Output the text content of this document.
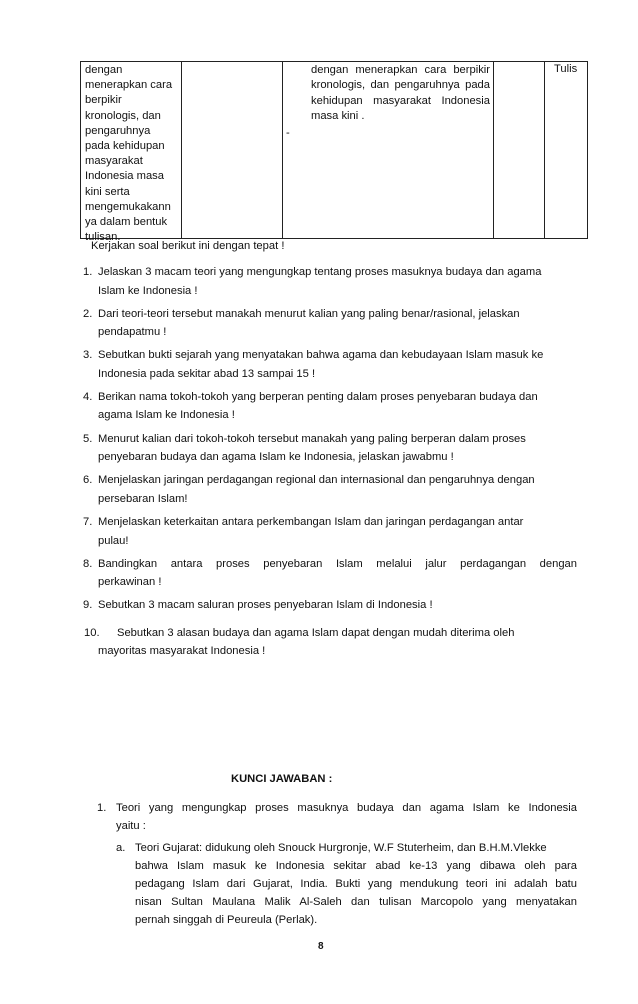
dengan
menerapkan cara
berpikir
kronologis, dan
pengaruhnya
pada kehidupan
masyarakat
Indonesia masa
kini serta
mengemukakann
ya dalam bentuk
tulisan.
-
dengan menerapkan cara berpikir kronologis, dan pengaruhnya pada kehidupan masyarakat Indonesia masa kini .
Tulis
Kerjakan soal berikut ini dengan tepat !
1. Jelaskan 3 macam teori yang mengungkap tentang proses masuknya budaya dan agama
Islam ke Indonesia !
2. Dari teori-teori tersebut manakah menurut kalian yang paling benar/rasional, jelaskan
pendapatmu !
3. Sebutkan bukti sejarah yang menyatakan bahwa agama dan kebudayaan Islam masuk ke
Indonesia pada sekitar abad 13 sampai 15 !
4. Berikan nama tokoh-tokoh yang berperan penting dalam proses penyebaran budaya dan
agama Islam ke Indonesia !
5. Menurut kalian dari tokoh-tokoh tersebut manakah yang paling berperan dalam proses
penyebaran budaya dan agama Islam ke Indonesia, jelaskan jawabmu !
6. Menjelaskan jaringan perdagangan regional dan internasional dan pengaruhnya dengan
persebaran Islam!
7. Menjelaskan keterkaitan antara perkembangan Islam dan jaringan perdagangan antar
pulau!
8. Bandingkan antara proses penyebaran Islam melalui jalur perdagangan dengan
perkawinan !
9. Sebutkan 3 macam saluran proses penyebaran Islam di Indonesia !
10. Sebutkan 3 alasan budaya dan agama Islam dapat dengan mudah diterima oleh
mayoritas masyarakat Indonesia !
KUNCI JAWABAN :
1. Teori yang mengungkap proses masuknya budaya dan agama Islam ke Indonesia
yaitu :
a. Teori Gujarat: didukung oleh Snouck Hurgronje, W.F Stuterheim, dan B.H.M.Vlekke
bahwa Islam masuk ke Indonesia sekitar abad ke-13 yang dibawa oleh para
pedagang Islam dari Gujarat, India. Bukti yang mendukung teori ini adalah batu
nisan Sultan Maulana Malik Al-Saleh dan tulisan Marcopolo yang menyatakan
pernah singgah di Peureula (Perlak).
8
